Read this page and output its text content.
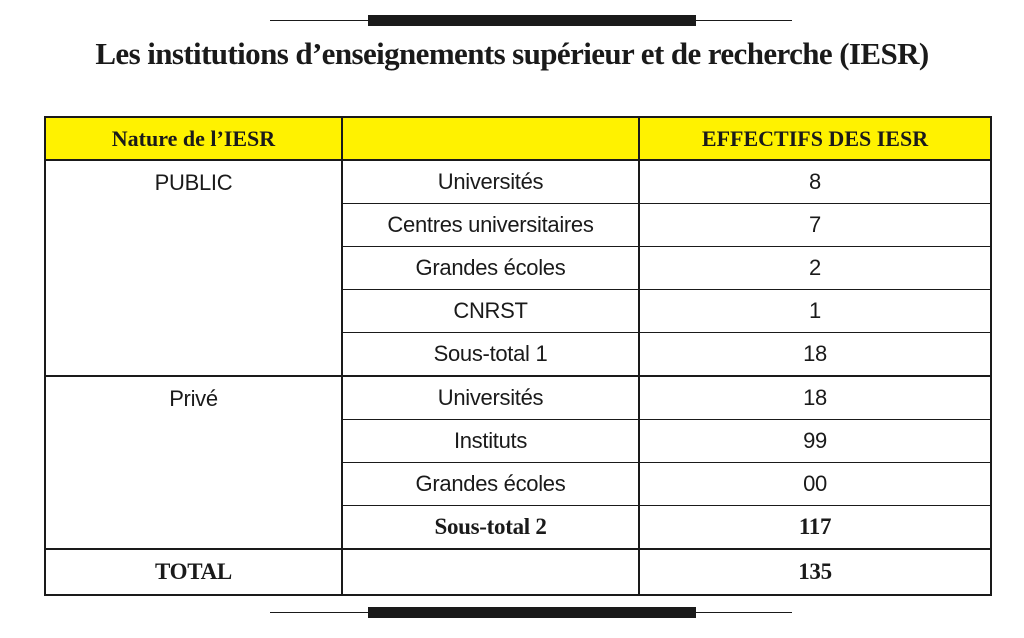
Les institutions d’enseignements supérieur et de recherche (IESR)
Nature de l’IESR		EFFECTIFS DES IESR
PUBLIC	Universités	8
	Centres universitaires	7
	Grandes écoles	2
	CNRST	1
	Sous-total 1	18
Privé	Universités	18
	Instituts	99
	Grandes écoles	00
	Sous-total 2	117
TOTAL		135
